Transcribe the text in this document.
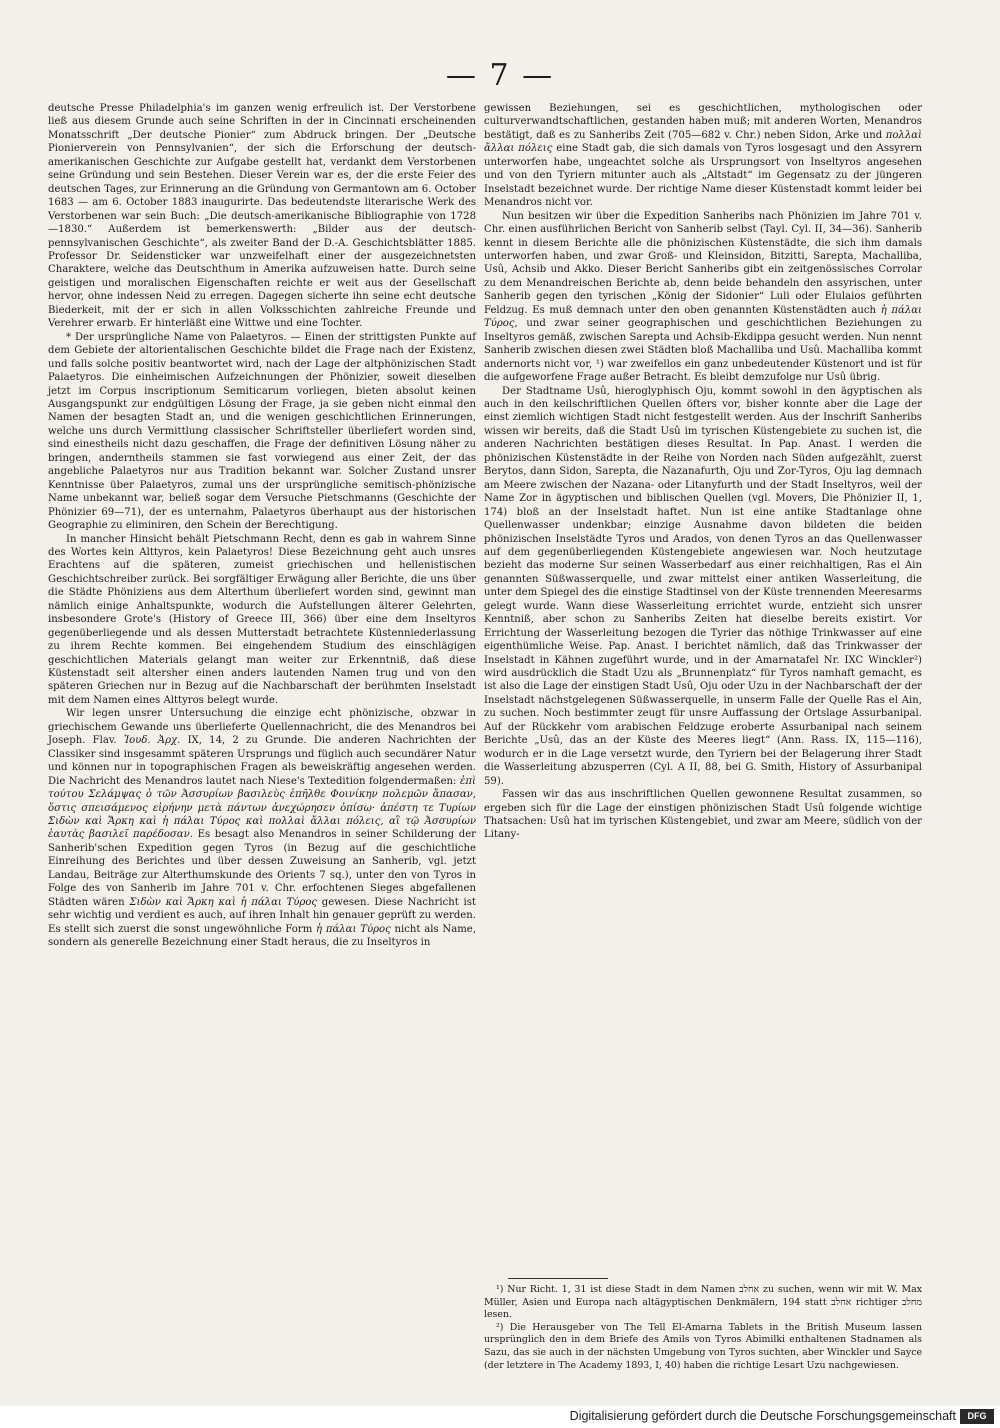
— 7 —

deutsche Presse Philadelphia's im ganzen wenig erfreulich ist. Der Verstorbene ließ aus diesem Grunde auch seine Schriften in der in Cincinnati erscheinenden Monatsschrift „Der deutsche Pionier“ zum Abdruck bringen. Der „Deutsche Pionierverein von Pennsylvanien“, der sich die Erforschung der deutsch-amerikanischen Geschichte zur Aufgabe gestellt hat, verdankt dem Verstorbenen seine Gründung und sein Bestehen. Dieser Verein war es, der die erste Feier des deutschen Tages, zur Erinnerung an die Gründung von Germantown am 6. October 1683 — am 6. October 1883 inaugurirte. Das bedeutendste literarische Werk des Verstorbenen war sein Buch: „Die deutsch-amerikanische Bibliographie von 1728—1830.“ Außerdem ist bemerkenswerth: „Bilder aus der deutsch-pennsylvanischen Geschichte“, als zweiter Band der D.-A. Geschichtsblätter 1885. Professor Dr. Seidensticker war unzweifelhaft einer der ausgezeichnetsten Charaktere, welche das Deutschthum in Amerika aufzuweisen hatte. Durch seine geistigen und moralischen Eigenschaften reichte er weit aus der Gesellschaft hervor, ohne indessen Neid zu erregen. Dagegen sicherte ihn seine echt deutsche Biederkeit, mit der er sich in allen Volksschichten zahlreiche Freunde und Verehrer erwarb. Er hinterläßt eine Wittwe und eine Tochter.

* Der ursprüngliche Name von Palaetyros. — Einen der strittigsten Punkte auf dem Gebiete der altorientalischen Geschichte bildet die Frage nach der Existenz, und falls solche positiv beantwortet wird, nach der Lage der altphönizischen Stadt Palaetyros. Die einheimischen Aufzeichnungen der Phönizier, soweit dieselben jetzt im Corpus inscriptionum Semiticarum vorliegen, bieten absolut keinen Ausgangspunkt zur endgültigen Lösung der Frage, ja sie geben nicht einmal den Namen der besagten Stadt an, und die wenigen geschichtlichen Erinnerungen, welche uns durch Vermittlung classischer Schriftsteller überliefert worden sind, sind einestheils nicht dazu geschaffen, die Frage der definitiven Lösung näher zu bringen, anderntheils stammen sie fast vorwiegend aus einer Zeit, der das angebliche Palaetyros nur aus Tradition bekannt war. Solcher Zustand unsrer Kenntnisse über Palaetyros, zumal uns der ursprüngliche semitisch-phönizische Name unbekannt war, beließ sogar dem Versuche Pietschmanns (Geschichte der Phönizier 69—71), der es unternahm, Palaetyros überhaupt aus der historischen Geographie zu eliminiren, den Schein der Berechtigung.

In mancher Hinsicht behält Pietschmann Recht, denn es gab in wahrem Sinne des Wortes kein Alttyros, kein Palaetyros! Diese Bezeichnung geht auch unsres Erachtens auf die späteren, zumeist griechischen und hellenistischen Geschichtschreiber zurück. Bei sorgfältiger Erwägung aller Berichte, die uns über die Städte Phöniziens aus dem Alterthum überliefert worden sind, gewinnt man nämlich einige Anhaltspunkte, wodurch die Aufstellungen älterer Gelehrten, insbesondere Grote's (History of Greece III, 366) über eine dem Inseltyros gegenüberliegende und als dessen Mutterstadt betrachtete Küstenniederlassung zu ihrem Rechte kommen. Bei eingehendem Studium des einschlägigen geschichtlichen Materials gelangt man weiter zur Erkenntniß, daß diese Küstenstadt seit altersher einen anders lautenden Namen trug und von den späteren Griechen nur in Bezug auf die Nachbarschaft der berühmten Inselstadt mit dem Namen eines Alttyros belegt wurde.

Wir legen unsrer Untersuchung die einzige echt phönizische, obzwar in griechischem Gewande uns überlieferte Quellennachricht, die des Menandros bei Joseph. Flav. Ἰουδ. Ἀρχ. IX, 14, 2 zu Grunde. Die anderen Nachrichten der Classiker sind insgesammt späteren Ursprungs und füglich auch secundärer Natur und können nur in topographischen Fragen als beweiskräftig angesehen werden. Die Nachricht des Menandros lautet nach Niese's Textedition folgendermaßen: ἐπὶ τούτου Σελάμψας ὁ τῶν Ἀσσυρίων βασιλεὺς ἐπῆλθε Φοινίκην πολεμῶν ἅπασαν, ὅστις σπεισάμενος εἰρήνην μετὰ πάντων ἀνεχώρησεν ὀπίσω· ἀπέστη τε Τυρίων Σιδὼν καὶ Ἄρκη καὶ ἡ πάλαι Τύρος καὶ πολλαὶ ἄλλαι πόλεις, αἳ τῷ Ἀσσυρίων ἑαυτὰς βασιλεῖ παρέδοσαν. Es besagt also Menandros in seiner Schilderung der Sanherib'schen Expedition gegen Tyros (in Bezug auf die geschichtliche Einreihung des Berichtes und über dessen Zuweisung an Sanherib, vgl. jetzt Landau, Beiträge zur Alterthumskunde des Orients 7 sq.), unter den von Tyros in Folge des von Sanherib im Jahre 701 v. Chr. erfochtenen Sieges abgefallenen Städten wären Σιδὼν καὶ Ἄρκη καὶ ἡ πάλαι Τύρος gewesen. Diese Nachricht ist sehr wichtig und verdient es auch, auf ihren Inhalt hin genauer geprüft zu werden. Es stellt sich zuerst die sonst ungewöhnliche Form ἡ πάλαι Τύρος nicht als Name, sondern als generelle Bezeichnung einer Stadt heraus, die zu Inseltyros in

gewissen Beziehungen, sei es geschichtlichen, mythologischen oder culturverwandtschaftlichen, gestanden haben muß; mit anderen Worten, Menandros bestätigt, daß es zu Sanheribs Zeit (705—682 v. Chr.) neben Sidon, Arke und πολλαὶ ἄλλαι πόλεις eine Stadt gab, die sich damals von Tyros losgesagt und den Assyrern unterworfen habe, ungeachtet solche als Ursprungsort von Inseltyros angesehen und von den Tyriern mitunter auch als „Altstadt“ im Gegensatz zu der jüngeren Inselstadt bezeichnet wurde. Der richtige Name dieser Küstenstadt kommt leider bei Menandros nicht vor.

Nun besitzen wir über die Expedition Sanheribs nach Phönizien im Jahre 701 v. Chr. einen ausführlichen Bericht von Sanherib selbst (Tayl. Cyl. II, 34—36). Sanherib kennt in diesem Berichte alle die phönizischen Küstenstädte, die sich ihm damals unterworfen haben, und zwar Groß- und Kleinsidon, Bitzitti, Sarepta, Machalliba, Usû, Achsib und Akko. Dieser Bericht Sanheribs gibt ein zeitgenössisches Corrolar zu dem Menandreischen Berichte ab, denn beide behandeln den assyrischen, unter Sanherib gegen den tyrischen „König der Sidonier“ Luli oder Elulaios geführten Feldzug. Es muß demnach unter den oben genannten Küstenstädten auch ἡ πάλαι Τύρος, und zwar seiner geographischen und geschichtlichen Beziehungen zu Inseltyros gemäß, zwischen Sarepta und Achsib-Ekdippa gesucht werden. Nun nennt Sanherib zwischen diesen zwei Städten bloß Machalliba und Usû. Machalliba kommt andernorts nicht vor, ¹) war zweifellos ein ganz unbedeutender Küstenort und ist für die aufgeworfene Frage außer Betracht. Es bleibt demzufolge nur Usû übrig.

Der Stadtname Usû, hieroglyphisch Oju, kommt sowohl in den ägyptischen als auch in den keilschriftlichen Quellen öfters vor, bisher konnte aber die Lage der einst ziemlich wichtigen Stadt nicht festgestellt werden. Aus der Inschrift Sanheribs wissen wir bereits, daß die Stadt Usû im tyrischen Küstengebiete zu suchen ist, die anderen Nachrichten bestätigen dieses Resultat. In Pap. Anast. I werden die phönizischen Küstenstädte in der Reihe von Norden nach Süden aufgezählt, zuerst Berytos, dann Sidon, Sarepta, die Nazanafurth, Oju und Zor-Tyros, Oju lag demnach am Meere zwischen der Nazana- oder Litanyfurth und der Stadt Inseltyros, weil der Name Zor in ägyptischen und biblischen Quellen (vgl. Movers, Die Phönizier II, 1, 174) bloß an der Inselstadt haftet. Nun ist eine antike Stadtanlage ohne Quellenwasser undenkbar; einzige Ausnahme davon bildeten die beiden phönizischen Inselstädte Tyros und Arados, von denen Tyros an das Quellenwasser auf dem gegenüberliegenden Küstengebiete angewiesen war. Noch heutzutage bezieht das moderne Sur seinen Wasserbedarf aus einer reichhaltigen, Ras el Ain genannten Süßwasserquelle, und zwar mittelst einer antiken Wasserleitung, die unter dem Spiegel des die einstige Stadtinsel von der Küste trennenden Meeresarms gelegt wurde. Wann diese Wasserleitung errichtet wurde, entzieht sich unsrer Kenntniß, aber schon zu Sanheribs Zeiten hat dieselbe bereits existirt. Vor Errichtung der Wasserleitung bezogen die Tyrier das nöthige Trinkwasser auf eine eigenthümliche Weise. Pap. Anast. I berichtet nämlich, daß das Trinkwasser der Inselstadt in Kähnen zugeführt wurde, und in der Amarnatafel Nr. IXC Winckler²) wird ausdrücklich die Stadt Uzu als „Brunnenplatz“ für Tyros namhaft gemacht, es ist also die Lage der einstigen Stadt Usû, Oju oder Uzu in der Nachbarschaft der der Inselstadt nächstgelegenen Süßwasserquelle, in unserm Falle der Quelle Ras el Ain, zu suchen. Noch bestimmter zeugt für unsre Auffassung der Ortslage Assurbanipal. Auf der Rückkehr vom arabischen Feldzuge eroberte Assurbanipal nach seinem Berichte „Usû, das an der Küste des Meeres liegt“ (Ann. Rass. IX, 115—116), wodurch er in die Lage versetzt wurde, den Tyriern bei der Belagerung ihrer Stadt die Wasserleitung abzusperren (Cyl. A II, 88, bei G. Smith, History of Assurbanipal 59).

Fassen wir das aus inschriftlichen Quellen gewonnene Resultat zusammen, so ergeben sich für die Lage der einstigen phönizischen Stadt Usû folgende wichtige Thatsachen: Usû hat im tyrischen Küstengebiet, und zwar am Meere, südlich von der Litany-

¹) Nur Richt. 1, 31 ist diese Stadt in dem Namen אחלב zu suchen, wenn wir mit W. Max Müller, Asien und Europa nach altägyptischen Denkmälern, 194 statt אחלב richtiger מחלב lesen.

²) Die Herausgeber von The Tell El-Amarna Tablets in the British Museum lassen ursprünglich den in dem Briefe des Amils von Tyros Abimilki enthaltenen Stadnamen als Sazu, das sie auch in der nächsten Umgebung von Tyros suchten, aber Winckler und Sayce (der letztere in The Academy 1893, I, 40) haben die richtige Lesart Uzu nachgewiesen.

Digitalisierung gefördert durch die Deutsche Forschungsgemeinschaft	DFG
